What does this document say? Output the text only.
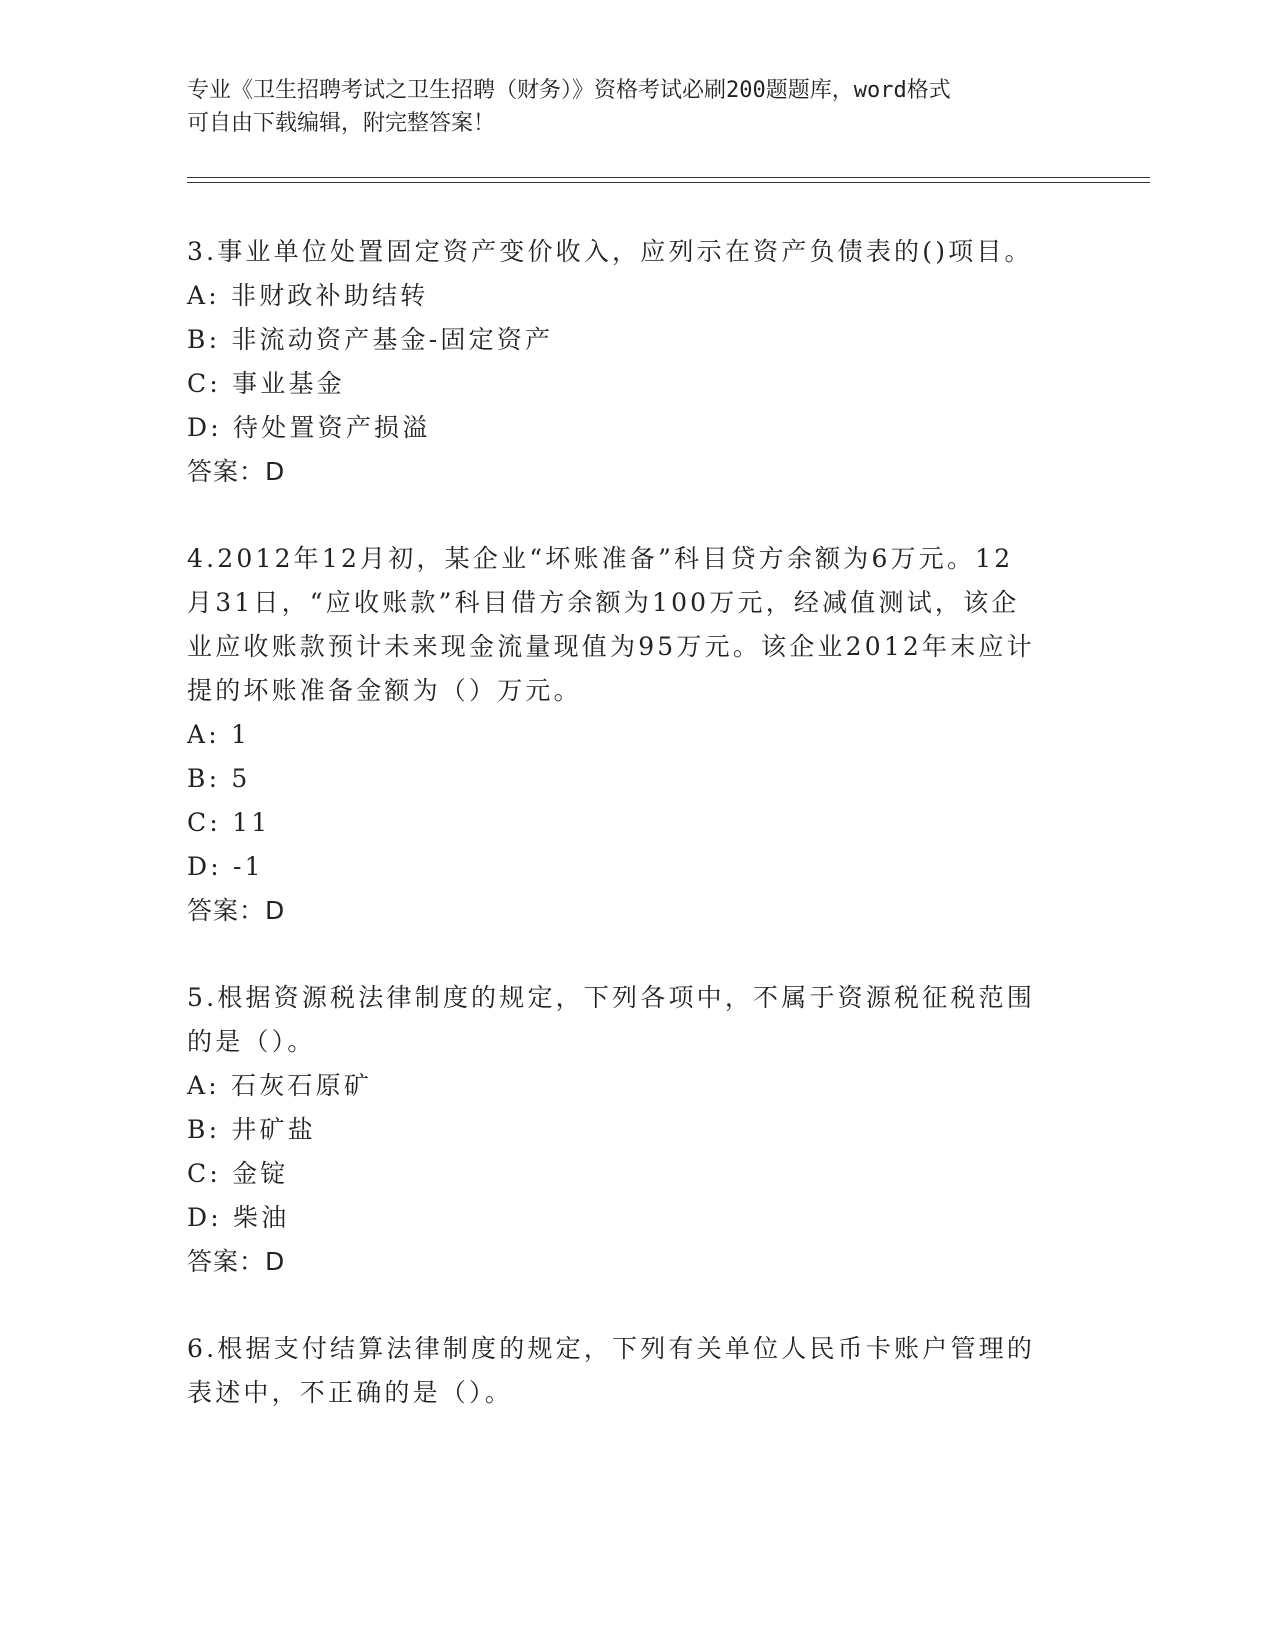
专业《卫生招聘考试之卫生招聘（财务）》资格考试必刷200题题库，word格式
可自由下载编辑，附完整答案！
3.事业单位处置固定资产变价收入，应列示在资产负债表的()项目。
A: 非财政补助结转
B: 非流动资产基金-固定资产
C: 事业基金
D: 待处置资产损溢
答案：D
4.2012年12月初，某企业“坏账准备”科目贷方余额为6万元。12
月31日，“应收账款”科目借方余额为100万元，经减值测试，该企
业应收账款预计未来现金流量现值为95万元。该企业2012年末应计
提的坏账准备金额为（）万元。
A: 1
B: 5
C: 11
D: -1
答案：D
5.根据资源税法律制度的规定，下列各项中，不属于资源税征税范围
的是（）。
A: 石灰石原矿
B: 井矿盐
C: 金锭
D: 柴油
答案：D
6.根据支付结算法律制度的规定，下列有关单位人民币卡账户管理的
表述中，不正确的是（）。
